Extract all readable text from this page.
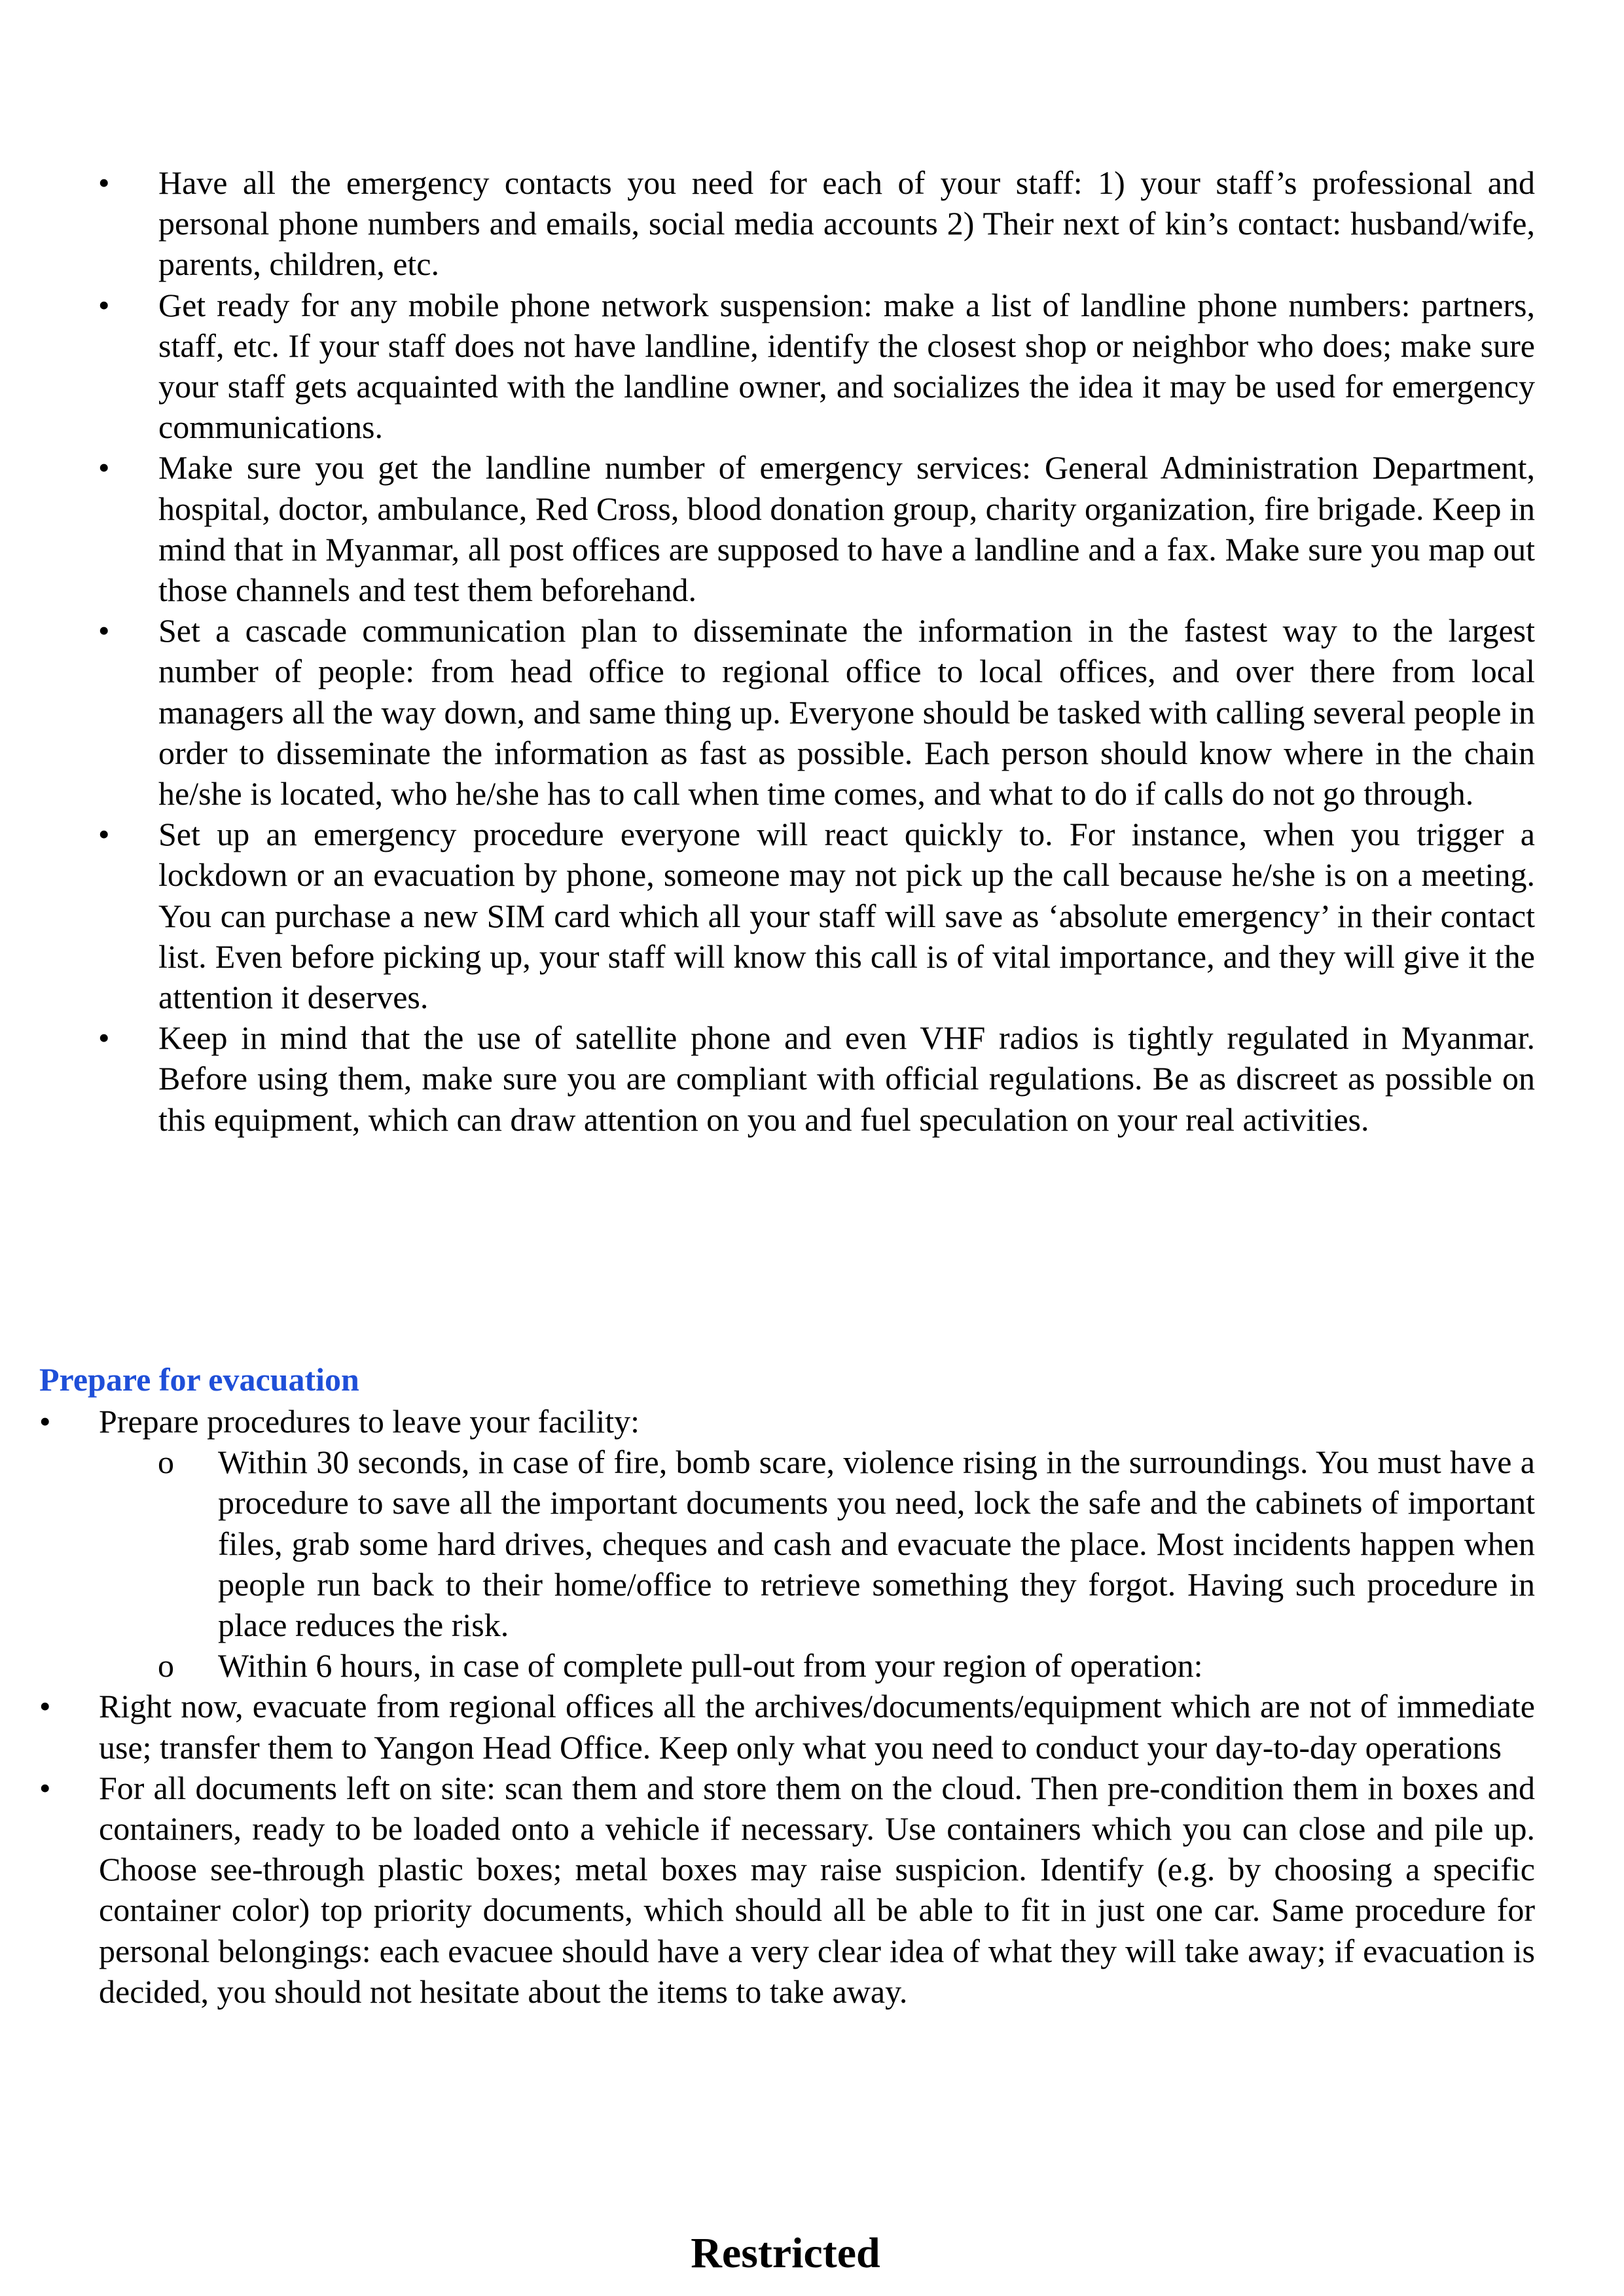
• Have all the emergency contacts you need for each of your staff: 1) your staff’s professional and personal phone numbers and emails, social media accounts 2) Their next of kin’s contact: husband/wife, parents, children, etc.
• Get ready for any mobile phone network suspension: make a list of landline phone numbers: partners, staff, etc. If your staff does not have landline, identify the closest shop or neighbor who does; make sure your staff gets acquainted with the landline owner, and socializes the idea it may be used for emergency communications.
• Make sure you get the landline number of emergency services: General Administration Department, hospital, doctor, ambulance, Red Cross, blood donation group, charity organization, fire brigade. Keep in mind that in Myanmar, all post offices are supposed to have a landline and a fax. Make sure you map out those channels and test them beforehand.
• Set a cascade communication plan to disseminate the information in the fastest way to the largest number of people: from head office to regional office to local offices, and over there from local managers all the way down, and same thing up. Everyone should be tasked with calling several people in order to disseminate the information as fast as possible. Each person should know where in the chain he/she is located, who he/she has to call when time comes, and what to do if calls do not go through.
• Set up an emergency procedure everyone will react quickly to. For instance, when you trigger a lockdown or an evacuation by phone, someone may not pick up the call because he/she is on a meeting. You can purchase a new SIM card which all your staff will save as ‘absolute emergency’ in their contact list. Even before picking up, your staff will know this call is of vital importance, and they will give it the attention it deserves.
• Keep in mind that the use of satellite phone and even VHF radios is tightly regulated in Myanmar. Before using them, make sure you are compliant with official regulations. Be as discreet as possible on this equipment, which can draw attention on you and fuel speculation on your real activities.
Prepare for evacuation
• Prepare procedures to leave your facility:
o Within 30 seconds, in case of fire, bomb scare, violence rising in the surroundings. You must have a procedure to save all the important documents you need, lock the safe and the cabinets of important files, grab some hard drives, cheques and cash and evacuate the place. Most incidents happen when people run back to their home/office to retrieve something they forgot. Having such procedure in place reduces the risk.
o Within 6 hours, in case of complete pull-out from your region of operation:
• Right now, evacuate from regional offices all the archives/documents/equipment which are not of immediate use; transfer them to Yangon Head Office. Keep only what you need to conduct your day-to-day operations
• For all documents left on site: scan them and store them on the cloud. Then pre-condition them in boxes and containers, ready to be loaded onto a vehicle if necessary. Use containers which you can close and pile up. Choose see-through plastic boxes; metal boxes may raise suspicion. Identify (e.g. by choosing a specific container color) top priority documents, which should all be able to fit in just one car. Same procedure for personal belongings: each evacuee should have a very clear idea of what they will take away; if evacuation is decided, you should not hesitate about the items to take away.
Restricted
